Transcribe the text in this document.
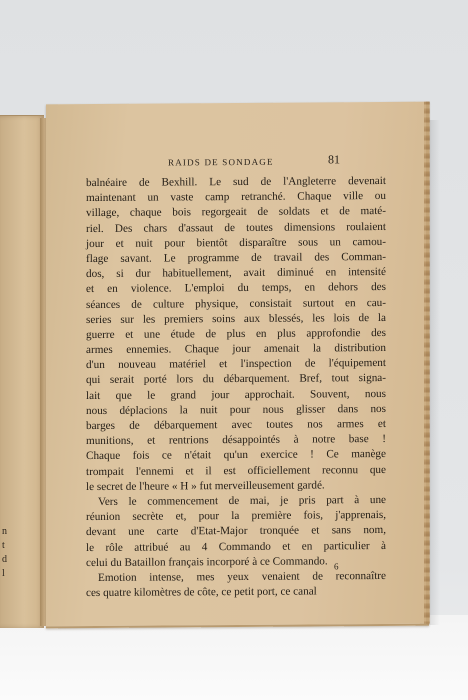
n
t
d
l
RAIDS DE SONDAGE	81
balnéaire de Bexhill. Le sud de l'Angleterre devenait
maintenant un vaste camp retranché. Chaque ville ou
village, chaque bois regorgeait de soldats et de maté-
riel. Des chars d'assaut de toutes dimensions roulaient
jour et nuit pour bientôt disparaître sous un camou-
flage savant. Le programme de travail des Comman-
dos, si dur habituellement, avait diminué en intensité
et en violence. L'emploi du temps, en dehors des
séances de culture physique, consistait surtout en cau-
series sur les premiers soins aux blessés, les lois de la
guerre et une étude de plus en plus approfondie des
armes ennemies. Chaque jour amenait la distribution
d'un nouveau matériel et l'inspection de l'équipement
qui serait porté lors du débarquement. Bref, tout signa-
lait que le grand jour approchait. Souvent, nous
nous déplacions la nuit pour nous glisser dans nos
barges de débarquement avec toutes nos armes et
munitions, et rentrions désappointés à notre base !
Chaque fois ce n'était qu'un exercice ! Ce manège
trompait l'ennemi et il est officiellement reconnu que
le secret de l'heure « H » fut merveilleusement gardé.
Vers le commencement de mai, je pris part à une
réunion secrète et, pour la première fois, j'apprenais,
devant une carte d'Etat-Major tronquée et sans nom,
le rôle attribué au 4 Commando et en particulier à
celui du Bataillon français incorporé à ce Commando.
Emotion intense, mes yeux venaient de reconnaître
ces quatre kilomètres de côte, ce petit port, ce canal
6
